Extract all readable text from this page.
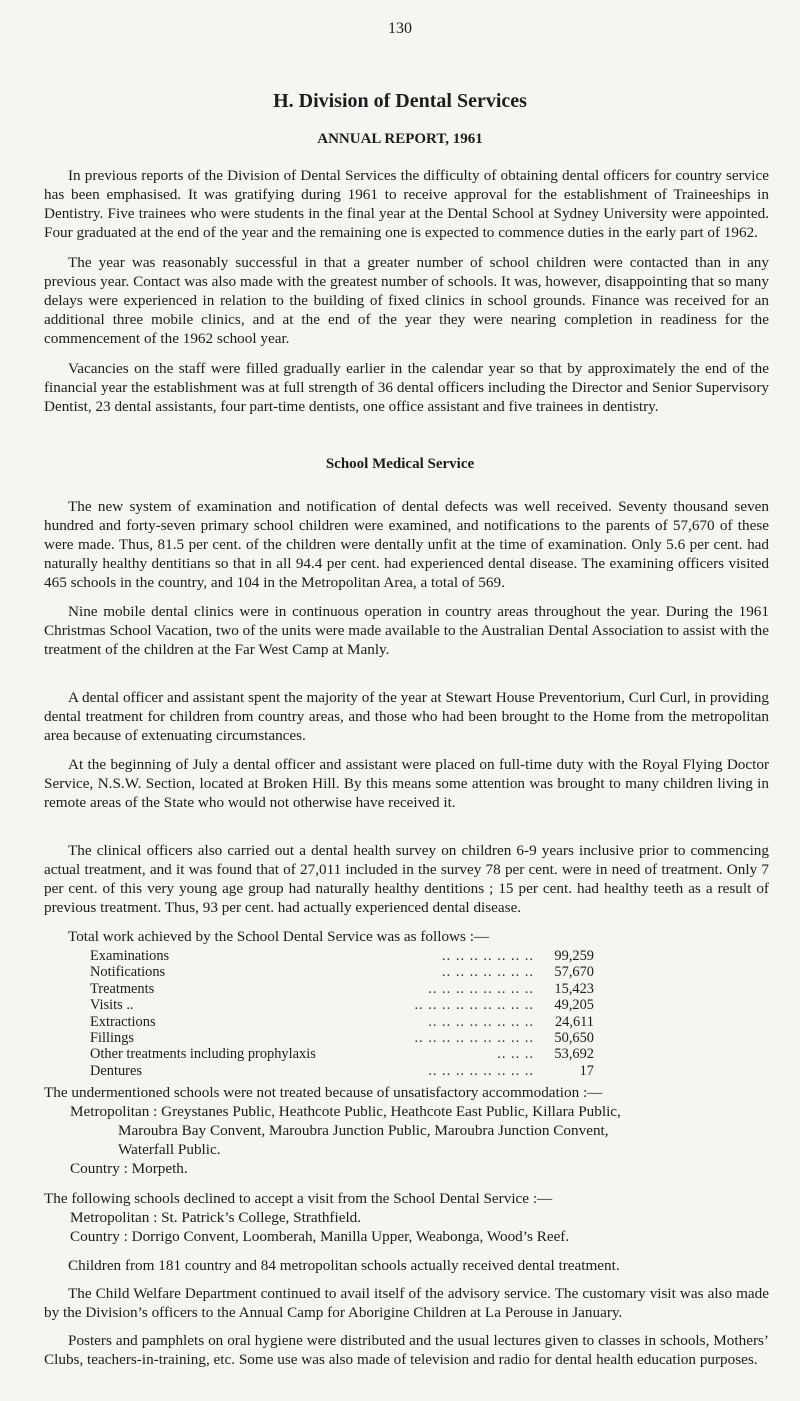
130
H. Division of Dental Services
ANNUAL REPORT, 1961

In previous reports of the Division of Dental Services the difficulty of obtaining dental officers for country service has been emphasised. It was gratifying during 1961 to receive approval for the establishment of Traineeships in Dentistry. Five trainees who were students in the final year at the Dental School at Sydney University were appointed. Four graduated at the end of the year and the remaining one is expected to commence duties in the early part of 1962.

The year was reasonably successful in that a greater number of school children were contacted than in any previous year. Contact was also made with the greatest number of schools. It was, however, disappointing that so many delays were experienced in relation to the building of fixed clinics in school grounds. Finance was received for an additional three mobile clinics, and at the end of the year they were nearing completion in readiness for the commencement of the 1962 school year.

Vacancies on the staff were filled gradually earlier in the calendar year so that by approximately the end of the financial year the establishment was at full strength of 36 dental officers including the Director and Senior Supervisory Dentist, 23 dental assistants, four part-time dentists, one office assistant and five trainees in dentistry.

School Medical Service

The new system of examination and notification of dental defects was well received. Seventy thousand seven hundred and forty-seven primary school children were examined, and notifications to the parents of 57,670 of these were made. Thus, 81.5 per cent. of the children were dentally unfit at the time of examination. Only 5.6 per cent. had naturally healthy dentitians so that in all 94.4 per cent. had experienced dental disease. The examining officers visited 465 schools in the country, and 104 in the Metropolitan Area, a total of 569.

Nine mobile dental clinics were in continuous operation in country areas throughout the year. During the 1961 Christmas School Vacation, two of the units were made available to the Australian Dental Association to assist with the treatment of the children at the Far West Camp at Manly.

A dental officer and assistant spent the majority of the year at Stewart House Preventorium, Curl Curl, in providing dental treatment for children from country areas, and those who had been brought to the Home from the metropolitan area because of extenuating circumstances.

At the beginning of July a dental officer and assistant were placed on full-time duty with the Royal Flying Doctor Service, N.S.W. Section, located at Broken Hill. By this means some attention was brought to many children living in remote areas of the State who would not otherwise have received it.

The clinical officers also carried out a dental health survey on children 6-9 years inclusive prior to commencing actual treatment, and it was found that of 27,011 included in the survey 78 per cent. were in need of treatment. Only 7 per cent. of this very young age group had naturally healthy dentitions ; 15 per cent. had healthy teeth as a result of previous treatment. Thus, 93 per cent. had actually experienced dental disease.

Total work achieved by the School Dental Service was as follows :—
.. .. .. .. .. .. ..
Examinations	99,259
.. .. .. .. .. .. ..
Notifications	57,670
.. .. .. .. .. .. .. ..
Treatments	15,423
.. .. .. .. .. .. .. .. ..
Visits ..	49,205
.. .. .. .. .. .. .. ..
Extractions	24,611
.. .. .. .. .. .. .. .. ..
Fillings	50,650
.. .. ..
Other treatments including prophylaxis	53,692
.. .. .. .. .. .. .. ..
Dentures	17
The undermentioned schools were not treated because of unsatisfactory accommodation :—
Metropolitan : Greystanes Public, Heathcote Public, Heathcote East Public, Killara Public,
Maroubra Bay Convent, Maroubra Junction Public, Maroubra Junction Convent,
Waterfall Public.
Country : Morpeth.
The following schools declined to accept a visit from the School Dental Service :—
Metropolitan : St. Patrick’s College, Strathfield.
Country : Dorrigo Convent, Loomberah, Manilla Upper, Weabonga, Wood’s Reef.

Children from 181 country and 84 metropolitan schools actually received dental treatment.

The Child Welfare Department continued to avail itself of the advisory service. The customary visit was also made by the Division’s officers to the Annual Camp for Aborigine Children at La Perouse in January.

Posters and pamphlets on oral hygiene were distributed and the usual lectures given to classes in schools, Mothers’ Clubs, teachers-in-training, etc. Some use was also made of television and radio for dental health education purposes.
